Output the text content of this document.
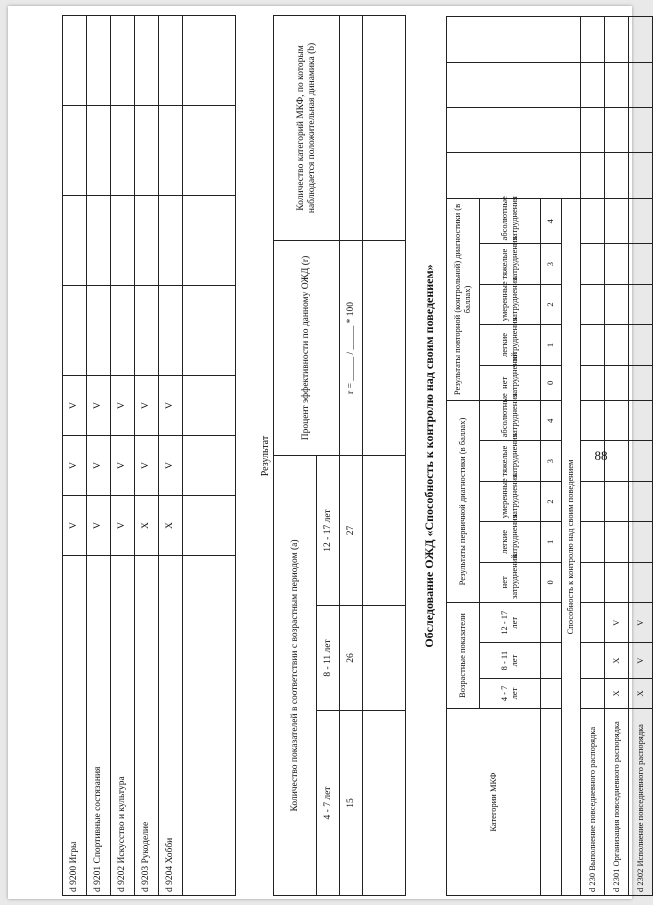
88
d 9200 Игры	V	V	V				
d 9201 Спортивные состязания	V	V	V				
d 9202 Искусство и культура	V	V	V				
d 9203 Рукоделие	X	V	V				
d 9204 Хобби	X	V	V				

Результат
Количество показателей в соответствии с возрастным периодом (a)			Процент эффективности по данному ОЖД (r)	Количество категорий МКФ, по которым наблюдается положительная динамика (b)
4 - 7 лет	8 - 11 лет	12 - 17 лет		
15	26	27	r = _____ / _____ * 100	
					Обследование ОЖД «Способность к контролю над своим поведением»
Категории МКФ	Возрастные показатели			Результаты первичной диагностики (в баллах)					Результаты повторной (контрольной) диагностики (в баллах)								
	4 - 7 лет	8 - 11 лет	12 - 17 лет	нет затруднений	легкие затруднения	умеренные затруднения	тяжелые затруднения	абсолютные затруднения	нет затруднений	легкие затруднения	умеренные затруднения	тяжелые затруднения	абсолютные затруднения				

				0	1	2	3	4	0	1	2	3	4				
Способность к контролю над своим поведением																	
d 230 Выполнение повседневного распорядка																	
d 2301 Организация повседневного распорядка	X	X	V														
d 2302 Исполнение повседневного распорядка	X	V	V														
